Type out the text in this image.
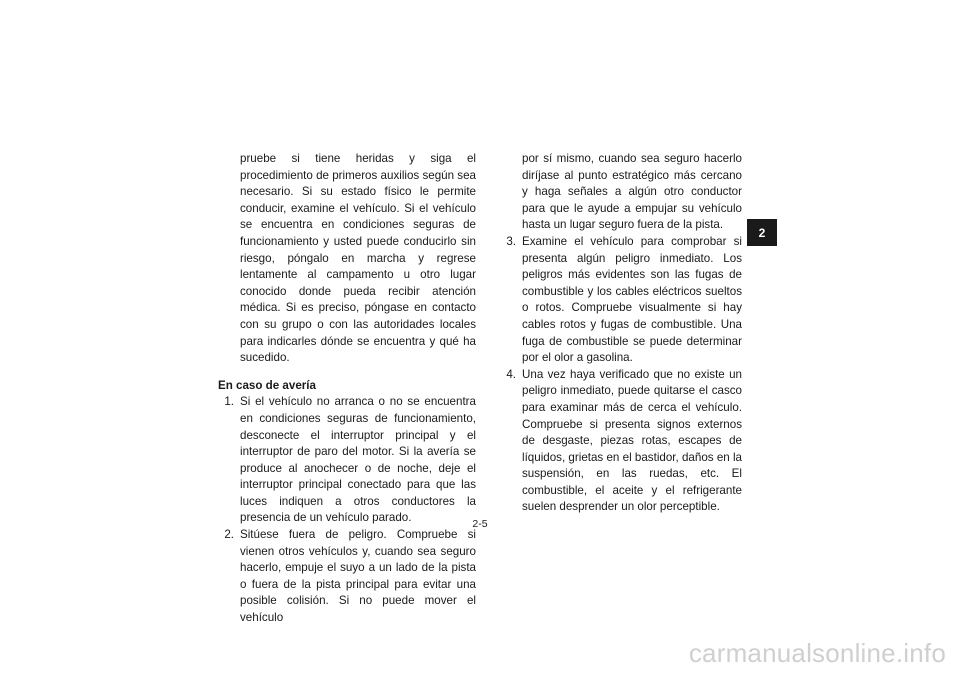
pruebe si tiene heridas y siga el procedimiento de primeros auxilios según sea necesario. Si su estado físico le permite conducir, examine el vehículo. Si el vehículo se encuentra en condiciones seguras de funcionamiento y usted puede conducirlo sin riesgo, póngalo en marcha y regrese lentamente al campamento u otro lugar conocido donde pueda recibir atención médica. Si es preciso, póngase en contacto con su grupo o con las autoridades locales para indicarles dónde se encuentra y qué ha sucedido.

En caso de avería

1. Si el vehículo no arranca o no se encuentra en condiciones seguras de funcionamiento, desconecte el interruptor principal y el interruptor de paro del motor. Si la avería se produce al anochecer o de noche, deje el interruptor principal conectado para que las luces indiquen a otros conductores la presencia de un vehículo parado.
2. Sitúese fuera de peligro. Compruebe si vienen otros vehículos y, cuando sea seguro hacerlo, empuje el suyo a un lado de la pista o fuera de la pista principal para evitar una posible colisión. Si no puede mover el vehículo

por sí mismo, cuando sea seguro hacerlo diríjase al punto estratégico más cercano y haga señales a algún otro conductor para que le ayude a empujar su vehículo hasta un lugar seguro fuera de la pista.

3. Examine el vehículo para comprobar si presenta algún peligro inmediato. Los peligros más evidentes son las fugas de combustible y los cables eléctricos sueltos o rotos. Compruebe visualmente si hay cables rotos y fugas de combustible. Una fuga de combustible se puede determinar por el olor a gasolina.
4. Una vez haya verificado que no existe un peligro inmediato, puede quitarse el casco para examinar más de cerca el vehículo. Compruebe si presenta signos externos de desgaste, piezas rotas, escapes de líquidos, grietas en el bastidor, daños en la suspensión, en las ruedas, etc. El combustible, el aceite y el refrigerante suelen desprender un olor perceptible.
2
2-5
carmanualsonline.info
